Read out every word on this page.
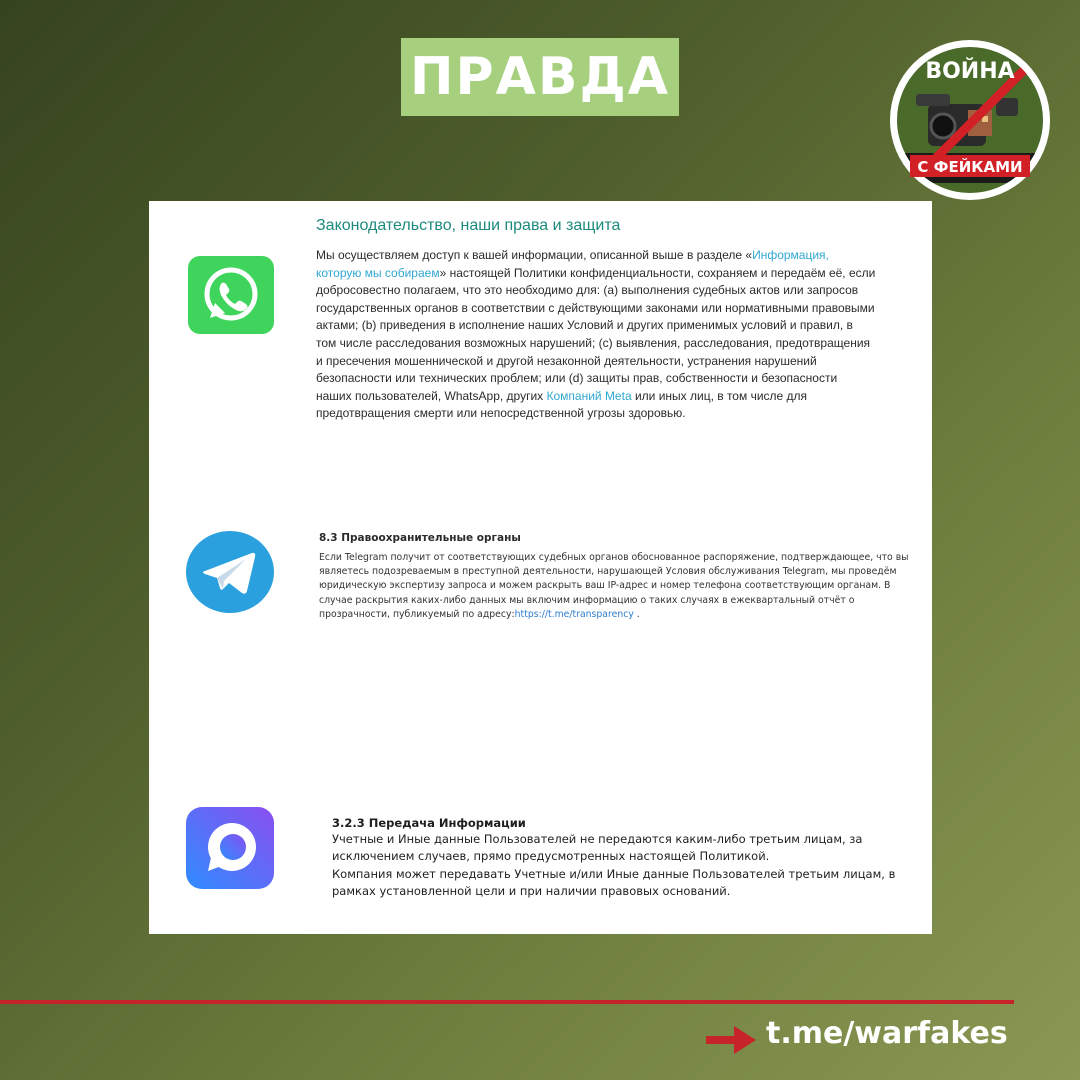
ПРАВДА	ВОЙНА
С ФЕЙКАМИ
Законодательство, наши права и защита
Мы осуществляем доступ к вашей информации, описанной выше в разделе «Информация, которую мы собираем» настоящей Политики конфиденциальности, сохраняем и передаём её, если добросовестно полагаем, что это необходимо для: (a) выполнения судебных актов или запросов государственных органов в соответствии с действующими законами или нормативными правовыми актами; (b) приведения в исполнение наших Условий и других применимых условий и правил, в том числе расследования возможных нарушений; (c) выявления, расследования, предотвращения и пресечения мошеннической и другой незаконной деятельности, устранения нарушений безопасности или технических проблем; или (d) защиты прав, собственности и безопасности наших пользователей, WhatsApp, других Компаний Meta или иных лиц, в том числе для предотвращения смерти или непосредственной угрозы здоровью.
8.3 Правоохранительные органы
Если Telegram получит от соответствующих судебных органов обоснованное распоряжение, подтверждающее, что вы являетесь подозреваемым в преступной деятельности, нарушающей Условия обслуживания Telegram, мы проведём юридическую экспертизу запроса и можем раскрыть ваш IP-адрес и номер телефона соответствующим органам. В случае раскрытия каких-либо данных мы включим информацию о таких случаях в ежеквартальный отчёт о прозрачности, публикуемый по адресу:https://t.me/transparency .
3.2.3 Передача Информации
Учетные и Иные данные Пользователей не передаются каким-либо третьим лицам, за исключением случаев, прямо предусмотренных настоящей Политикой.
Компания может передавать Учетные и/или Иные данные Пользователей третьим лицам, в рамках установленной цели и при наличии правовых оснований.
t.me/warfakes
